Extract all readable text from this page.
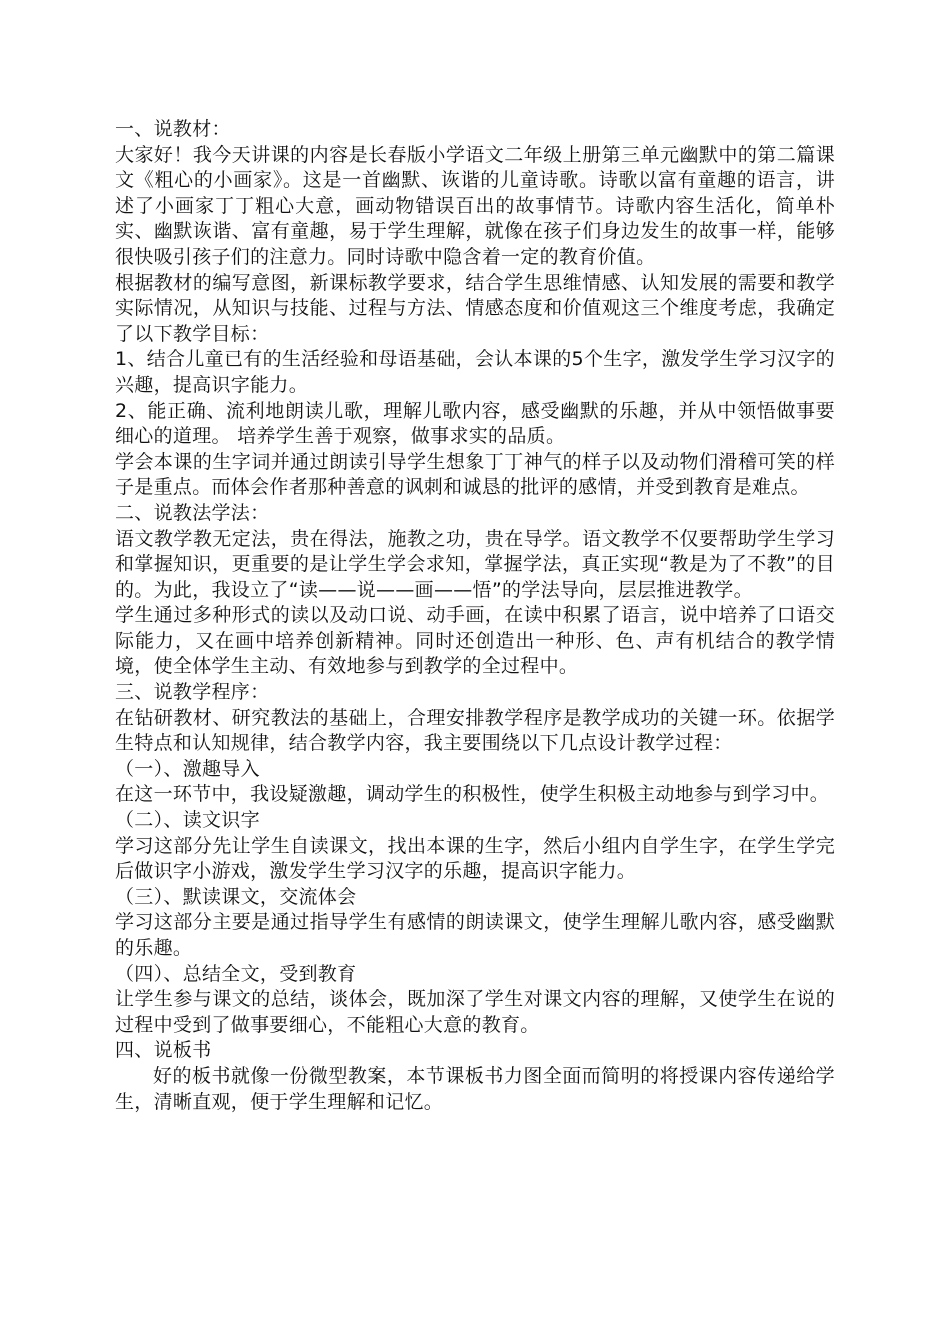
一、说教材：

大家好！我今天讲课的内容是长春版小学语文二年级上册第三单元幽默中的第二篇课文《粗心的小画家》。这是一首幽默、诙谐的儿童诗歌。诗歌以富有童趣的语言，讲述了小画家丁丁粗心大意，画动物错误百出的故事情节。诗歌内容生活化，简单朴实、幽默诙谐、富有童趣，易于学生理解，就像在孩子们身边发生的故事一样，能够很快吸引孩子们的注意力。同时诗歌中隐含着一定的教育价值。

根据教材的编写意图，新课标教学要求，结合学生思维情感、认知发展的需要和教学实际情况，从知识与技能、过程与方法、情感态度和价值观这三个维度考虑，我确定了以下教学目标：

1、结合儿童已有的生活经验和母语基础，会认本课的5个生字，激发学生学习汉字的兴趣，提高识字能力。

2、能正确、流利地朗读儿歌，理解儿歌内容，感受幽默的乐趣，并从中领悟做事要细心的道理。 培养学生善于观察，做事求实的品质。

学会本课的生字词并通过朗读引导学生想象丁丁神气的样子以及动物们滑稽可笑的样子是重点。而体会作者那种善意的讽刺和诚恳的批评的感情，并受到教育是难点。

二、说教法学法：

语文教学教无定法，贵在得法，施教之功，贵在导学。语文教学不仅要帮助学生学习和掌握知识，更重要的是让学生学会求知，掌握学法，真正实现“教是为了不教”的目的。为此，我设立了“读——说——画——悟”的学法导向，层层推进教学。

学生通过多种形式的读以及动口说、动手画，在读中积累了语言，说中培养了口语交际能力，又在画中培养创新精神。同时还创造出一种形、色、声有机结合的教学情境，使全体学生主动、有效地参与到教学的全过程中。

三、说教学程序：

在钻研教材、研究教法的基础上，合理安排教学程序是教学成功的关键一环。依据学生特点和认知规律，结合教学内容，我主要围绕以下几点设计教学过程：

（一）、激趣导入

在这一环节中，我设疑激趣，调动学生的积极性，使学生积极主动地参与到学习中。

（二）、读文识字

学习这部分先让学生自读课文，找出本课的生字，然后小组内自学生字，在学生学完后做识字小游戏，激发学生学习汉字的乐趣，提高识字能力。

（三）、默读课文，交流体会

学习这部分主要是通过指导学生有感情的朗读课文，使学生理解儿歌内容，感受幽默的乐趣。

（四）、总结全文，受到教育

让学生参与课文的总结，谈体会，既加深了学生对课文内容的理解，又使学生在说的过程中受到了做事要细心，不能粗心大意的教育。

四、说板书

好的板书就像一份微型教案，本节课板书力图全面而简明的将授课内容传递给学生，清晰直观，便于学生理解和记忆。
